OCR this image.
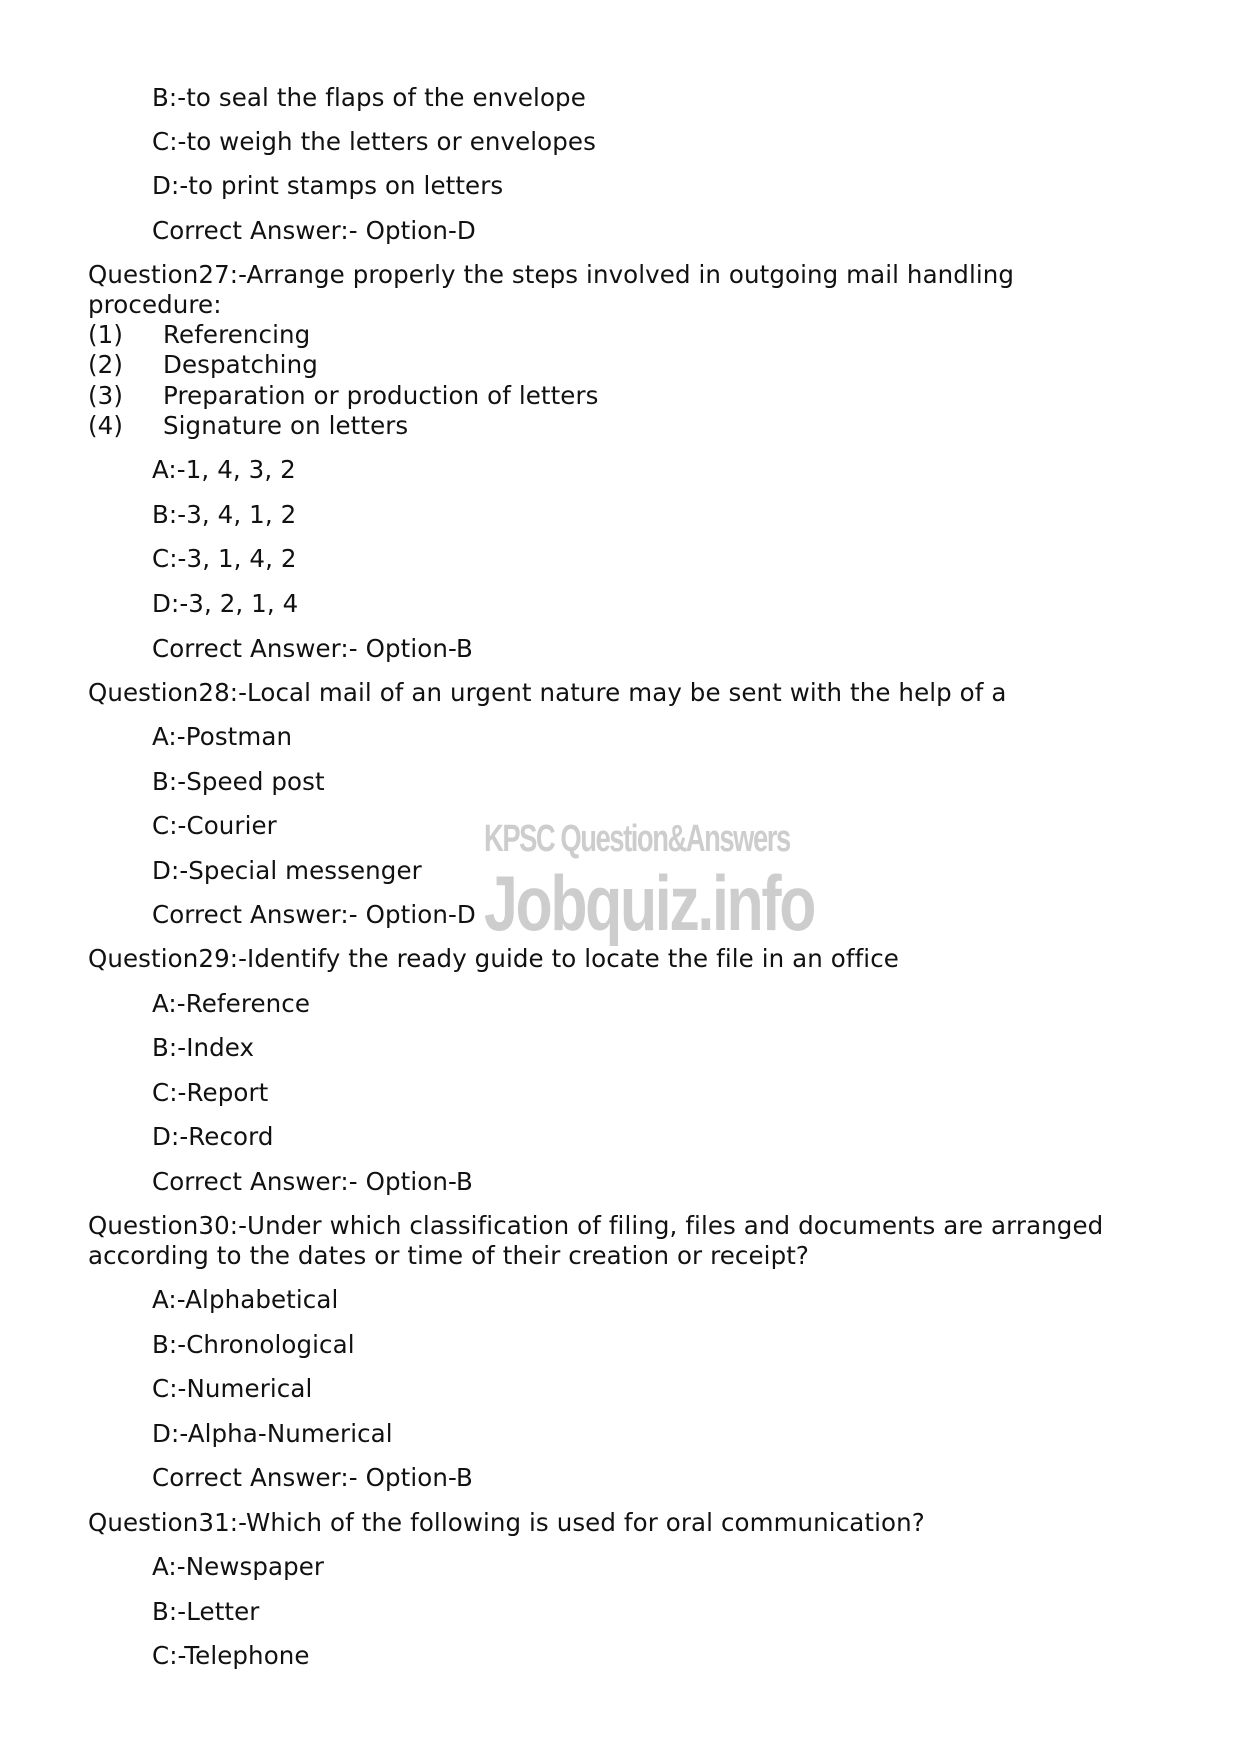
B:-to seal the flaps of the envelope
C:-to weigh the letters or envelopes
D:-to print stamps on letters
Correct Answer:- Option-D
Question27:-Arrange properly the steps involved in outgoing mail handling
procedure:
(1) Referencing
(2) Despatching
(3) Preparation or production of letters
(4) Signature on letters
A:-1, 4, 3, 2
B:-3, 4, 1, 2
C:-3, 1, 4, 2
D:-3, 2, 1, 4
Correct Answer:- Option-B
Question28:-Local mail of an urgent nature may be sent with the help of a
A:-Postman
B:-Speed post
C:-Courier
D:-Special messenger
Correct Answer:- Option-D
Question29:-Identify the ready guide to locate the file in an office
A:-Reference
B:-Index
C:-Report
D:-Record
Correct Answer:- Option-B
Question30:-Under which classification of filing, files and documents are arranged
according to the dates or time of their creation or receipt?
A:-Alphabetical
B:-Chronological
C:-Numerical
D:-Alpha-Numerical
Correct Answer:- Option-B
Question31:-Which of the following is used for oral communication?
A:-Newspaper
B:-Letter
C:-Telephone
KPSC Question&Answers
Jobquiz.info
